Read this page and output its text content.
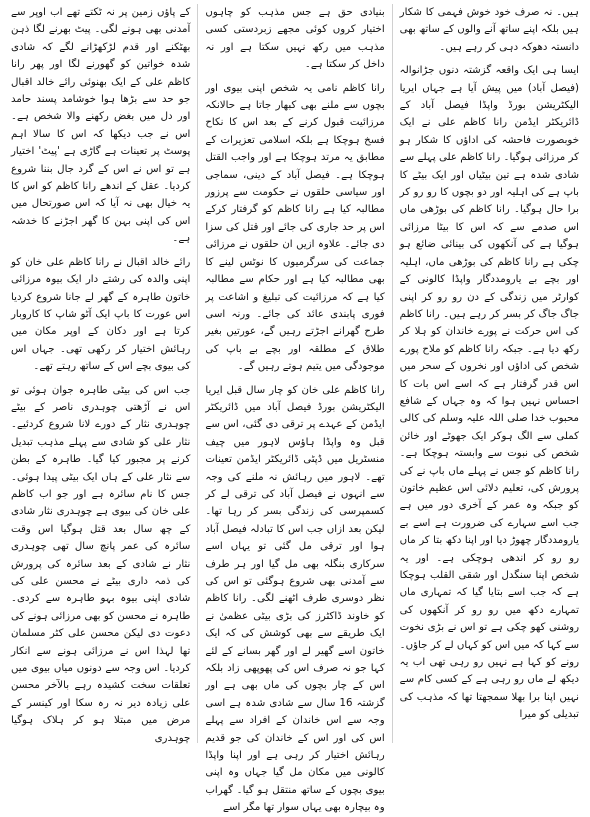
ہیں۔ نہ صرف خود خوش فہمی کا شکار ہیں بلکہ اپنے ساتھ آنے والوں کے ساتھ بھی دانستہ دھوکہ دہی کر رہے ہیں۔

ایسا ہی ایک واقعہ گزشتہ دنوں جڑانوالہ (فیصل آباد) میں پیش آیا ہے جہاں ایریا الیکٹریشن بورڈ واپڈا فیصل آباد کے ڈائریکٹر ایڈمن رانا کاظم علی نے ایک خوبصورت فاحشہ کی اداؤں کا شکار ہو کر مرزائی ہوگیا۔ رانا کاظم علی پہلے سے شادی شدہ ہے تین بیٹیاں اور ایک بیٹے کا باپ ہے کی اہلیہ اور دو بچوں کا رو رو کر برا حال ہوگیا۔ رانا کاظم کی بوڑھی ماں اس صدمے سے کہ اس کا بیٹا مرزائی ہوگیا ہے کی آنکھوں کی بینائی ضائع ہو چکی ہے رانا کاظم کی بوڑھی ماں، اہلیہ اور بچے بے یارومددگار واپڈا کالونی کے کوارٹر میں زندگی کے دن رو رو کر اپنی جاگ جاگ کر بسر کر رہے ہیں۔ رانا کاظم کی اس حرکت نے پورے خاندان کو ہلا کر رکھ دیا ہے۔ جبکہ رانا کاظم کو ملاح پورے شخص کی اداؤں اور نخروں کے سحر میں اس قدر گرفتار ہے کہ اسے اس بات کا احساس نہیں ہوا کہ وہ جہاں کے شافع محبوب خدا صلی اللہ علیہ وسلم کی کالی کملی سے الگ ہوکر ایک جھوٹے اور خائن شخص کی نبوت سے وابستہ ہوچکا ہے۔ رانا کاظم کو جس نے پہلے ماں باپ نے کی پرورش کی، تعلیم دلائی اس عظیم خاتون کو جبکہ وہ عمر کے آخری دور میں ہے جب اسے سہارے کی ضرورت ہے اسے بے یارومددگار چھوڑ دیا اور اپنا دکھ بتا کر ماں رو رو کر اندھی ہوچکی ہے۔ اور یہ شخص اپنا سنگدل اور شقی القلب ہوچکا ہے کہ جب اسے بتایا گیا کہ تمہاری ماں تمہارے دکھ میں رو رو کر آنکھوں کی روشنی کھو چکی ہے تو اس نے بڑی نخوت سے کہا کہ میں اس کو کہاں لے کر جاؤں۔ رونے کو کہا ہے نہیں رو رہی تھی اب یہ دیکھ لے ماں رو رہی ہے کے کسی کام سے نہیں اپنا برا بھلا سمجھتا تھا کہ مذہب کی تبدیلی کو میرا

بنیادی حق ہے جس مذہب کو چاہوں اختیار کروں کوئی مجھے زبردستی کسی مذہب میں رکھ نہیں سکتا ہے اور نہ داخل کر سکتا ہے۔

رانا کاظم نامی یہ شخص اپنی بیوی اور بچوں سے ملنے بھی کبھار جاتا ہے حالانکہ مرزائیت قبول کرنے کے بعد اس کا نکاح فسخ ہوچکا ہے بلکہ اسلامی تعزیرات کے مطابق یہ مرتد ہوچکا ہے اور واجب القتل ہوچکا ہے۔ فیصل آباد کے دینی، سماجی اور سیاسی حلقوں نے حکومت سے پرزور مطالبہ کیا ہے رانا کاظم کو گرفتار کرکے اس پر حد جاری کی جائے اور قتل کی سزا دی جائے۔ علاوہ ازیں ان حلقوں نے مرزائی جماعت کی سرگرمیوں کا نوٹس لینے کا بھی مطالبہ کیا ہے اور حکام سے مطالبہ کیا ہے کہ مرزائیت کی تبلیغ و اشاعت پر فوری پابندی عائد کی جائے۔ ورنہ اسی طرح گھرانے اجڑتے رہیں گے، عورتیں بغیر طلاق کے مطلقہ اور بچے بے باپ کی موجودگی میں یتیم ہوتے رہیں گے۔

رانا کاظم علی خان کو چار سال قبل ایریا الیکٹریشن بورڈ فیصل آباد میں ڈائریکٹر ایڈمن کے عہدے پر ترقی دی گئی، اس سے قبل وہ واپڈا ہاؤس لاہور میں چیف منسٹریل میں ڈپٹی ڈائریکٹر ایڈمن تعینات تھے۔ لاہور میں رہائش نہ ملنے کی وجہ سے انہوں نے فیصل آباد کی ترقی لے کر کسمپرسی کی زندگی بسر کر رہا تھا۔ لیکن بعد ازاں جب اس کا تبادلہ فیصل آباد ہوا اور ترقی مل گئی تو یہاں اسے سرکاری بنگلہ بھی مل گیا اور ہر طرف سے آمدنی بھی شروع ہوگئی تو اس کی نظر دوسری طرف اٹھنے لگی۔ رانا کاظم کو خاوند ڈاکٹرز کی بڑی بیٹی عظمیٰ نے ایک طریقے سے بھی کوشش کی کہ ایک خاتون اسے گھیر لے اور گھر بسانے کے لئے کہا جو نہ صرف اس کی پھوپھی زاد بلکہ اس کے چار بچوں کی ماں بھی ہے اور گزشتہ 16 سال سے شادی شدہ ہے اسی وجہ سے اس خاندان کے افراد سے پہلے اس کی اور اس کے خاندان کی جو قدیم رہائش اختیار کر رہی ہے اور اپنا واپڈا کالونی میں مکان مل گیا جہاں وہ اپنی بیوی بچوں کے ساتھ منتقل ہو گیا۔ گھراب وہ بیچارہ بھی یہاں سوار تھا مگر اسے

کے پاؤں زمین پر نہ ٹکتے تھے اب اوپر سے آمدنی بھی ہونے لگی۔ پیٹ بھرنے لگا ذہن بھٹکنے اور قدم لڑکھڑانے لگے کہ شادی شدہ خواتین کو گھورنے لگا اور پھر رانا کاظم علی کے ایک بھنوئی رائے خالد اقبال جو حد سے بڑھا ہوا خوشامد پسند حامد اور دل میں بغض رکھنے والا شخص ہے۔ اس نے جب دیکھا کہ اس کا سالا اہم پوسٹ پر تعینات ہے گاڑی ہے 'پیٹ' اختیار ہے تو اس نے اس کے گرد جال بننا شروع کردیا۔ عقل کے اندھے رانا کاظم کو اس کا یہ خیال بھی نہ آیا کہ اس صورتحال میں اس کی اپنی بہن کا گھر اجڑنے کا خدشہ ہے۔

رائے خالد اقبال نے رانا کاظم علی خان کو اپنی والدہ کی رشتے دار ایک بیوہ مرزائی خاتون طاہرہ کے گھر لے جانا شروع کردیا اس عورت کا باپ ایک آٹو شاپ کا کاروبار کرتا ہے اور دکان کے اوپر مکان میں رہائش اختیار کر رکھی تھی۔ جہاں اس کی بیوی بچے اس کے ساتھ رہتے تھے۔

جب اس کی بیٹی طاہرہ جوان ہوئی تو اس نے آڑھتی چوہدری ناصر کے بیٹے چوہدری نثار کے دورے لانا شروع کردئیے۔ نثار علی کو شادی سے پہلے مذہب تبدیل کرنے پر مجبور کیا گیا۔ طاہرہ کے بطن سے نثار علی کے ہاں ایک بیٹی پیدا ہوئی۔ جس کا نام سائرہ ہے اور جو اب کاظم علی خان کی بیوی ہے چوہدری نثار شادی کے چھ سال بعد قتل ہوگیا اس وقت سائرہ کی عمر پانچ سال تھی چوہدری نثار نے شادی کے بعد سائرہ کی پرورش کی ذمہ داری بیٹے نے محسن علی کی شادی اپنی بیوہ بہو طاہرہ سے کردی۔ طاہرہ نے محسن کو بھی مرزائی ہونے کی دعوت دی لیکن محسن علی کٹر مسلمان تھا لہذا اس نے مرزائی ہونے سے انکار کردیا۔ اس وجہ سے دونوں میاں بیوی میں تعلقات سخت کشیدہ رہے بالآخر محسن علی زیادہ دیر نہ رہ سکا اور کینسر کے مرض میں مبتلا ہو کر ہلاک ہوگیا چوہدری
